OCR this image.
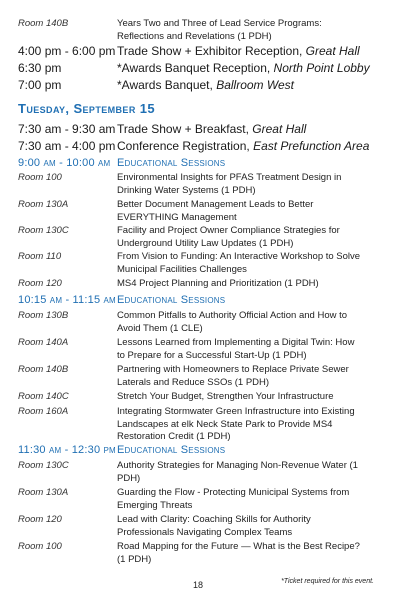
Room 140B	Years Two and Three of Lead Service Programs: Reflections and Revelations (1 PDH)
4:00 pm - 6:00 pm Trade Show + Exhibitor Reception, Great Hall
6:30 pm	*Awards Banquet Reception, North Point Lobby
7:00 pm	*Awards Banquet, Ballroom West
Tuesday, September 15
7:30 am - 9:30 am Trade Show + Breakfast, Great Hall
7:30 am - 4:00 pm Conference Registration, East Prefunction Area
9:00 am - 10:00 am Educational Sessions
Room 100	Environmental Insights for PFAS Treatment Design in Drinking Water Systems (1 PDH)
Room 130A	Better Document Management Leads to Better EVERYTHING Management
Room 130C	Facility and Project Owner Compliance Strategies for Underground Utility Law Updates (1 PDH)
Room 110	From Vision to Funding: An Interactive Workshop to Solve Municipal Facilities Challenges
Room 120	MS4 Project Planning and Prioritization (1 PDH)
10:15 am - 11:15 am Educational Sessions
Room 130B	Common Pitfalls to Authority Official Action and How to Avoid Them (1 CLE)
Room 140A	Lessons Learned from Implementing a Digital Twin: How to Prepare for a Successful Start-Up (1 PDH)
Room 140B	Partnering with Homeowners to Replace Private Sewer Laterals and Reduce SSOs (1 PDH)
Room 140C	Stretch Your Budget, Strengthen Your Infrastructure
Room 160A	Integrating Stormwater Green Infrastructure into Existing Landscapes at elk Neck State Park to Provide MS4 Restoration Credit (1 PDH)
11:30 am - 12:30 pm Educational Sessions
Room 130C	Authority Strategies for Managing Non-Revenue Water (1 PDH)
Room 130A	Guarding the Flow - Protecting Municipal Systems from Emerging Threats
Room 120	Lead with Clarity: Coaching Skills for Authority Professionals Navigating Complex Teams
Room 100	Road Mapping for the Future — What is the Best Recipe? (1 PDH)
18	*Ticket required for this event.
